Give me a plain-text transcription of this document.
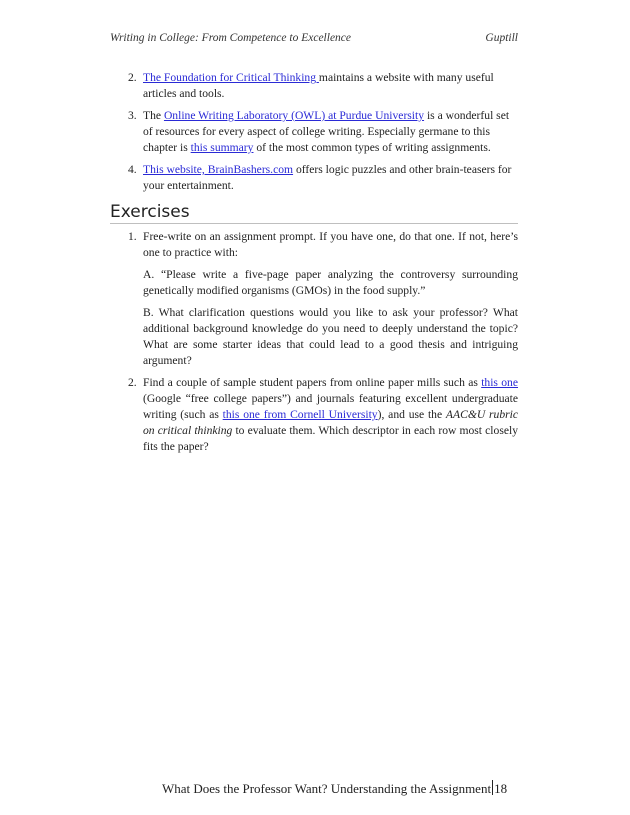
Writing in College: From Competence to Excellence	Guptill
2. The Foundation for Critical Thinking maintains a website with many useful articles and tools.
3. The Online Writing Laboratory (OWL) at Purdue University is a wonderful set of resources for every aspect of college writing. Especially germane to this chapter is this summary of the most common types of writing assignments.
4. This website, BrainBashers.com offers logic puzzles and other brain-teasers for your entertainment.
Exercises
1. Free-write on an assignment prompt. If you have one, do that one. If not, here’s one to practice with:

A. “Please write a five-page paper analyzing the controversy surrounding genetically modified organisms (GMOs) in the food supply.”

B. What clarification questions would you like to ask your professor? What additional background knowledge do you need to deeply understand the topic? What are some starter ideas that could lead to a good thesis and intriguing argument?

2. Find a couple of sample student papers from online paper mills such as this one (Google “free college papers”) and journals featuring excellent undergraduate writing (such as this one from Cornell University), and use the AAC&U rubric on critical thinking to evaluate them. Which descriptor in each row most closely fits the paper?
What Does the Professor Want? Understanding the Assignment 18
